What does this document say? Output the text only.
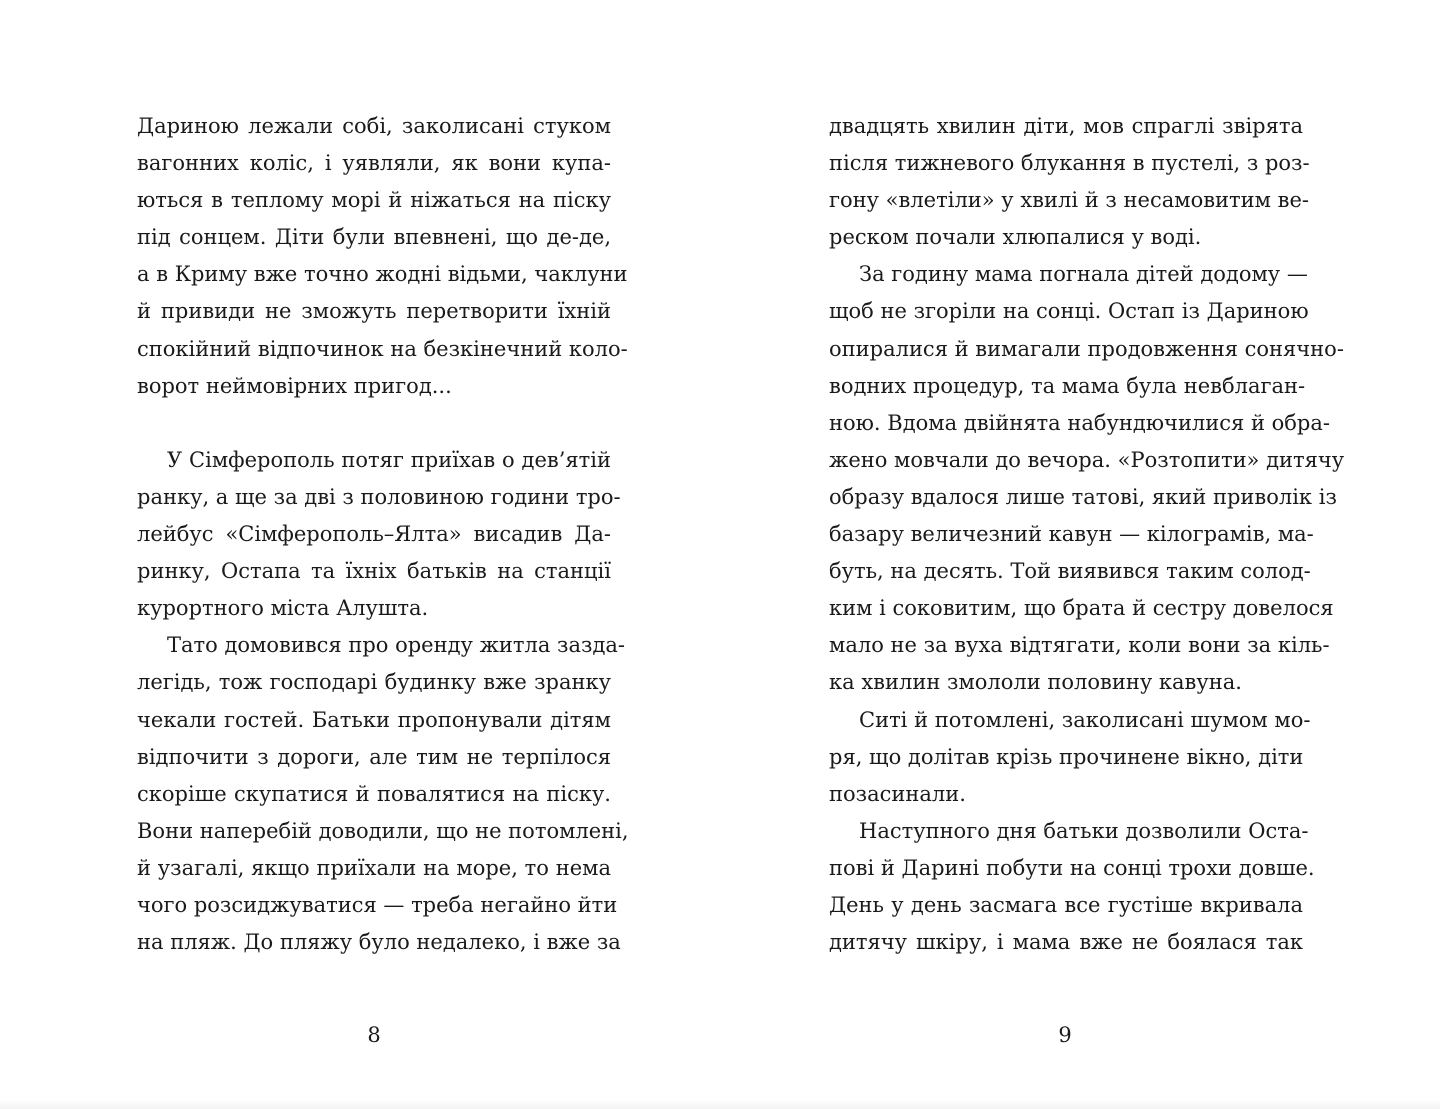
Дариною лежали собі, заколисані стуком
вагонних коліс, і уявляли, як вони купа-
ються в теплому морі й ніжаться на піску
під сонцем. Діти були впевнені, що де-де,
а в Криму вже точно жодні відьми, чаклуни
й привиди не зможуть перетворити їхній
спокійний відпочинок на безкінечний коло-
ворот неймовірних пригод...
У Сімферополь потяг приїхав о дев’ятій
ранку, а ще за дві з половиною години тро-
лейбус «Сімферополь–Ялта» висадив Да-
ринку, Остапа та їхніх батьків на станції
курортного міста Алушта.
Тато домовився про оренду житла зазда-
легідь, тож господарі будинку вже зранку
чекали гостей. Батьки пропонували дітям
відпочити з дороги, але тим не терпілося
скоріше скупатися й повалятися на піску.
Вони наперебій доводили, що не потомлені,
й узагалі, якщо приїхали на море, то нема
чого розсиджуватися — треба негайно йти
на пляж. До пляжу було недалеко, і вже за
двадцять хвилин діти, мов спраглі звірята
після тижневого блукання в пустелі, з роз-
гону «влетіли» у хвилі й з несамовитим ве-
реском почали хлюпалися у воді.
За годину мама погнала дітей додому —
щоб не згоріли на сонці. Остап із Дариною
опиралися й вимагали продовження сонячно-
водних процедур, та мама була невблаган-
ною. Вдома двійнята набундючилися й обра-
жено мовчали до вечора. «Розтопити» дитячу
образу вдалося лише татові, який приволік із
базару величезний кавун — кілограмів, ма-
буть, на десять. Той виявився таким солод-
ким і соковитим, що брата й сестру довелося
мало не за вуха відтягати, коли вони за кіль-
ка хвилин змололи половину кавуна.
Ситі й потомлені, заколисані шумом мо-
ря, що долітав крізь прочинене вікно, діти
позасинали.
Наступного дня батьки дозволили Оста-
пові й Дарині побути на сонці трохи довше.
День у день засмага все густіше вкривала
дитячу шкіру, і мама вже не боялася так
8	9
